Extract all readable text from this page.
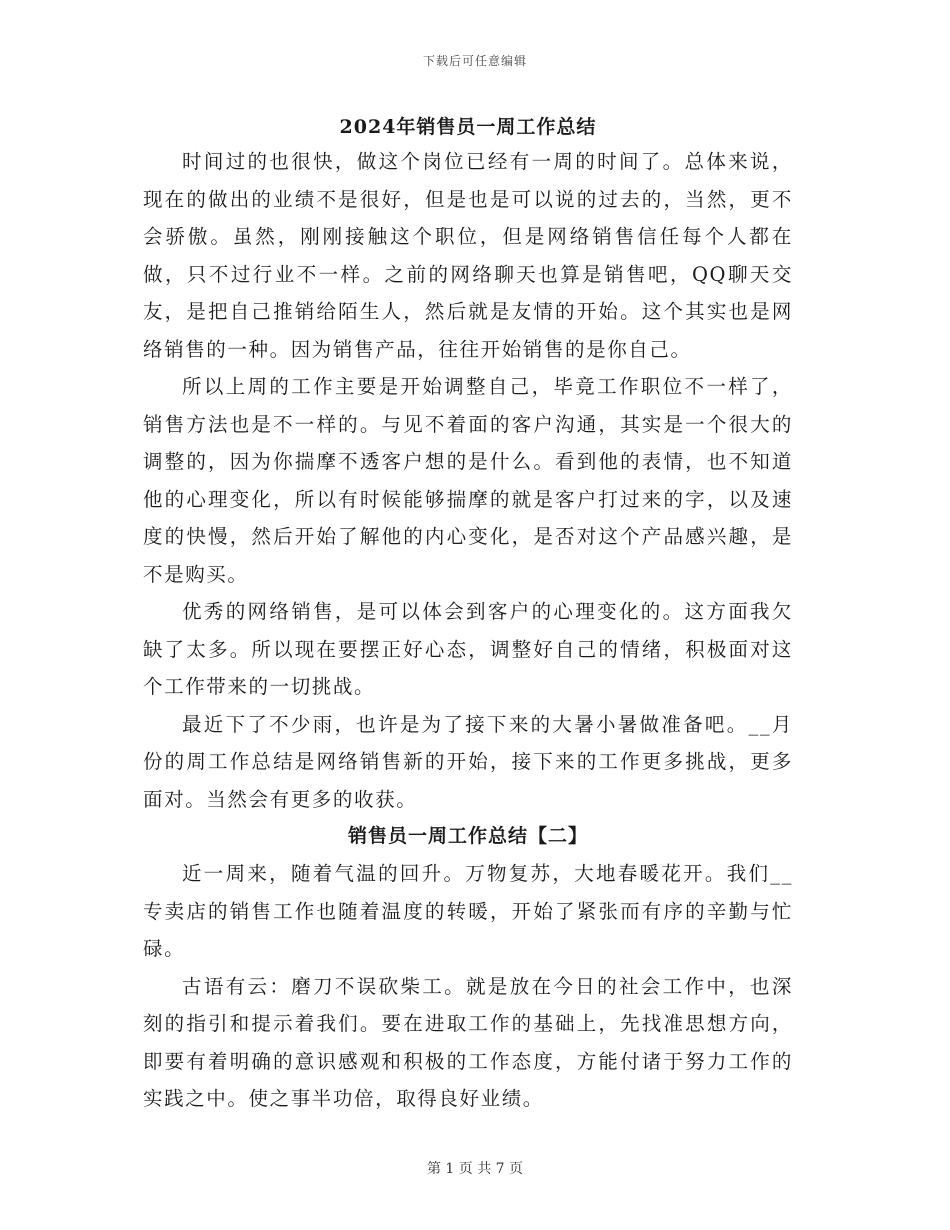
下载后可任意编辑
2024年销售员一周工作总结

时间过的也很快，做这个岗位已经有一周的时间了。总体来说，现在的做出的业绩不是很好，但是也是可以说的过去的，当然，更不会骄傲。虽然，刚刚接触这个职位，但是网络销售信任每个人都在做，只不过行业不一样。之前的网络聊天也算是销售吧，QQ聊天交友，是把自己推销给陌生人，然后就是友情的开始。这个其实也是网络销售的一种。因为销售产品，往往开始销售的是你自己。

所以上周的工作主要是开始调整自己，毕竟工作职位不一样了，销售方法也是不一样的。与见不着面的客户沟通，其实是一个很大的调整的，因为你揣摩不透客户想的是什么。看到他的表情，也不知道他的心理变化，所以有时候能够揣摩的就是客户打过来的字，以及速度的快慢，然后开始了解他的内心变化，是否对这个产品感兴趣，是不是购买。

优秀的网络销售，是可以体会到客户的心理变化的。这方面我欠缺了太多。所以现在要摆正好心态，调整好自己的情绪，积极面对这个工作带来的一切挑战。

最近下了不少雨，也许是为了接下来的大暑小暑做准备吧。__月份的周工作总结是网络销售新的开始，接下来的工作更多挑战，更多面对。当然会有更多的收获。

销售员一周工作总结【二】

近一周来，随着气温的回升。万物复苏，大地春暖花开。我们__专卖店的销售工作也随着温度的转暖，开始了紧张而有序的辛勤与忙碌。

古语有云：磨刀不误砍柴工。就是放在今日的社会工作中，也深刻的指引和提示着我们。要在进取工作的基础上，先找准思想方向，即要有着明确的意识感观和积极的工作态度，方能付诸于努力工作的实践之中。使之事半功倍，取得良好业绩。

第 1 页 共 7 页
